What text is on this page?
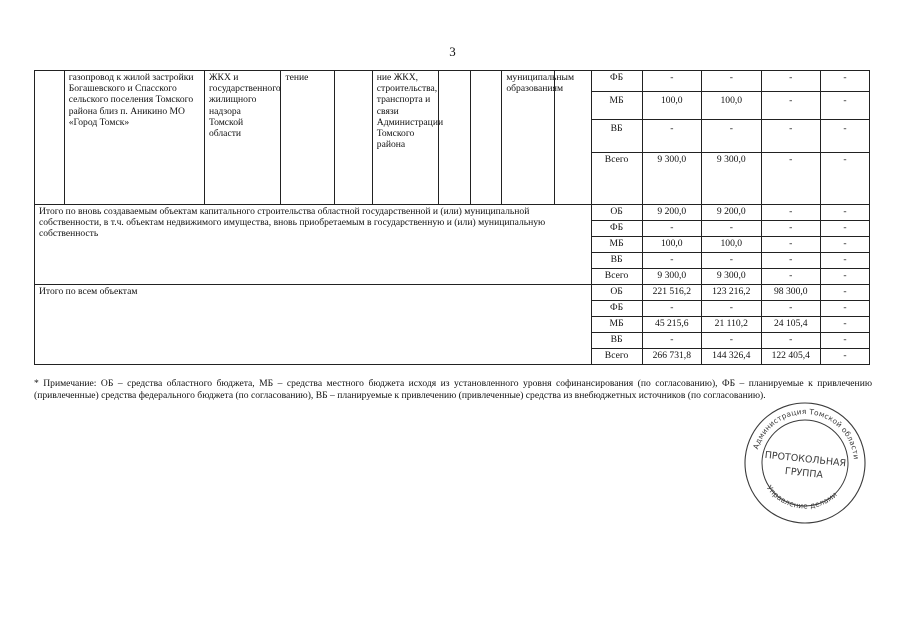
3
	газопровод к жилой застройки Богашевского и Спасского сельского поселения Томского района близ п. Аникино МО «Город Томск»	ЖКХ и государственного жилищного надзора Томской области	тение		ние ЖКХ, строительства, транспорта и связи Администрации Томского района			муниципальным образованиям		ФБ	-	-	-	-
										МБ	100,0	100,0	-	-
										ВБ	-	-	-	-
										Всего	9 300,0	9 300,0	-	-
Итого по вновь создаваемым объектам капитального строительства областной государственной и (или) муниципальной собственности, в т.ч. объектам недвижимого имущества, вновь приобретаемым в государственную и (или) муниципальную собственность										ОБ	9 200,0	9 200,0	-	-
										ФБ	-	-	-	-
										МБ	100,0	100,0	-	-
										ВБ	-	-	-	-
										Всего	9 300,0	9 300,0	-	-
Итого по всем объектам										ОБ	221 516,2	123 216,2	98 300,0	-
										ФБ	-	-	-	-
										МБ	45 215,6	21 110,2	24 105,4	-
										ВБ	-	-	-	-
										Всего	266 731,8	144 326,4	122 405,4	-
* Примечание: ОБ – средства областного бюджета, МБ – средства местного бюджета исходя из установленного уровня софинансирования (по согласованию), ФБ – планируемые к привлечению (привлеченные) средства федерального бюджета (по согласованию), ВБ – планируемые к привлечению (привлеченные) средства из внебюджетных источников (по согласованию).
Администрация Томской области
Управление делами
ПРОТОКОЛЬНАЯ
ГРУППА
